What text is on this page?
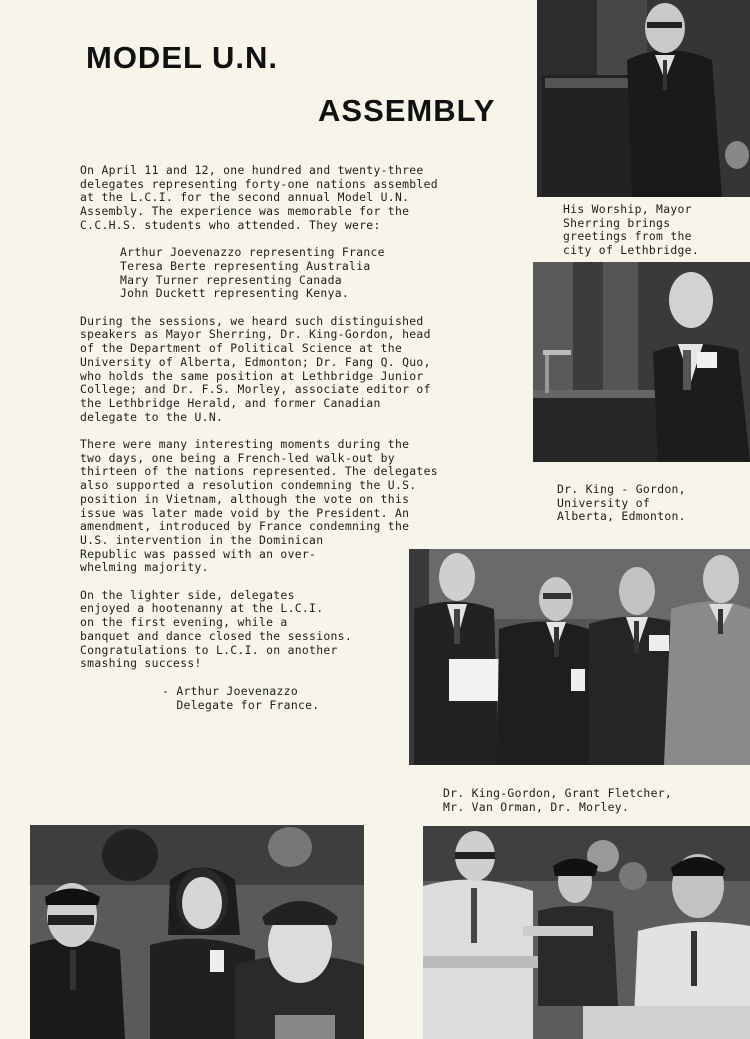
MODEL U.N.
ASSEMBLY

On April 11 and 12, one hundred and twenty-three
delegates representing forty-one nations assembled
at the L.C.I. for the second annual Model U.N.
Assembly. The experience was memorable for the
C.C.H.S. students who attended. They were:

Arthur Joevenazzo representing France
Teresa Berte representing Australia
Mary Turner representing Canada
John Duckett representing Kenya.

During the sessions, we heard such distinguished
speakers as Mayor Sherring, Dr. King-Gordon, head
of the Department of Political Science at the
University of Alberta, Edmonton; Dr. Fang Q. Quo,
who holds the same position at Lethbridge Junior
College; and Dr. F.S. Morley, associate editor of
the Lethbridge Herald, and former Canadian
delegate to the U.N.

There were many interesting moments during the
two days, one being a French-led walk-out by
thirteen of the nations represented. The delegates
also supported a resolution condemning the U.S.
position in Vietnam, although the vote on this
issue was later made void by the President. An
amendment, introduced by France condemning the
U.S. intervention in the Dominican
Republic was passed with an over-
whelming majority.

On the lighter side, delegates
enjoyed a hootenanny at the L.C.I.
on the first evening, while a
banquet and dance closed the sessions.
Congratulations to L.C.I. on another
smashing success!

- Arthur Joevenazzo
Delegate for France.

His Worship, Mayor
Sherring brings
greetings from the
city of Lethbridge.

Dr. King - Gordon,
University of
Alberta, Edmonton.

Dr. King-Gordon, Grant Fletcher,
Mr. Van Orman, Dr. Morley.
